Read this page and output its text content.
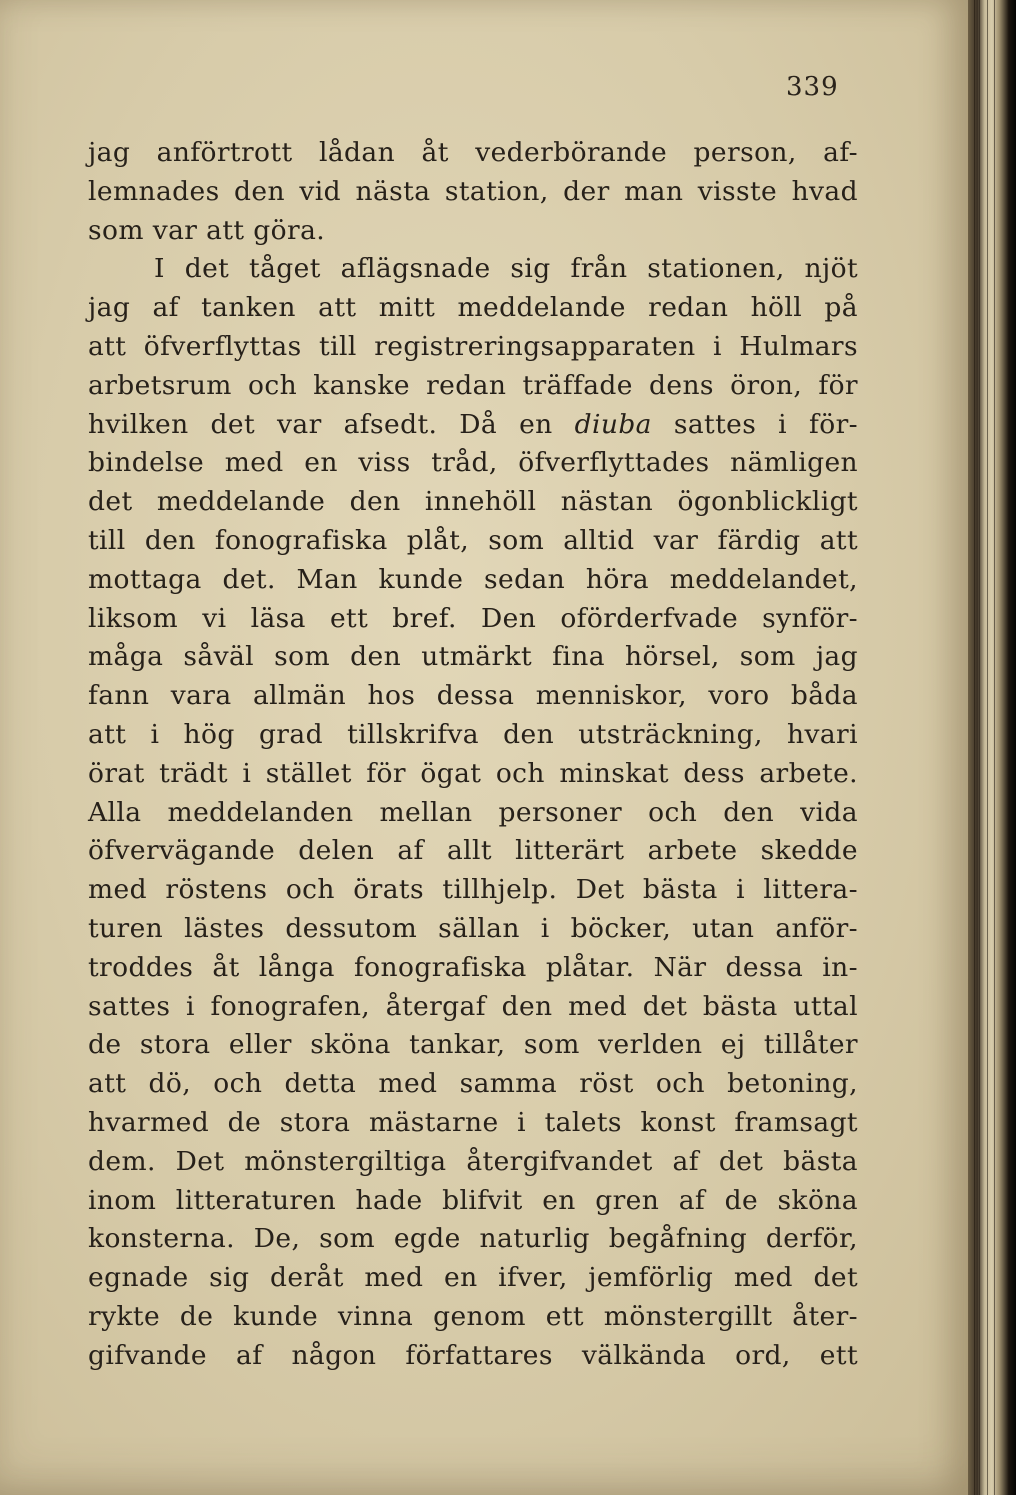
339
jag anförtrott lådan åt vederbörande person, af-
lemnades den vid nästa station, der man visste hvad
som var att göra.
I det tåget aflägsnade sig från stationen, njöt
jag af tanken att mitt meddelande redan höll på
att öfverflyttas till registreringsapparaten i Hulmars
arbetsrum och kanske redan träffade dens öron, för
hvilken det var afsedt. Då en diuba sattes i för-
bindelse med en viss tråd, öfverflyttades nämligen
det meddelande den innehöll nästan ögonblickligt
till den fonografiska plåt, som alltid var färdig att
mottaga det. Man kunde sedan höra meddelandet,
liksom vi läsa ett bref. Den oförderfvade synför-
måga såväl som den utmärkt fina hörsel, som jag
fann vara allmän hos dessa menniskor, voro båda
att i hög grad tillskrifva den utsträckning, hvari
örat trädt i stället för ögat och minskat dess arbete.
Alla meddelanden mellan personer och den vida
öfvervägande delen af allt litterärt arbete skedde
med röstens och örats tillhjelp. Det bästa i littera-
turen lästes dessutom sällan i böcker, utan anför-
troddes åt långa fonografiska plåtar. När dessa in-
sattes i fonografen, återgaf den med det bästa uttal
de stora eller sköna tankar, som verlden ej tillåter
att dö, och detta med samma röst och betoning,
hvarmed de stora mästarne i talets konst framsagt
dem. Det mönstergiltiga återgifvandet af det bästa
inom litteraturen hade blifvit en gren af de sköna
konsterna. De, som egde naturlig begåfning derför,
egnade sig deråt med en ifver, jemförlig med det
rykte de kunde vinna genom ett mönstergillt åter-
gifvande af någon författares välkända ord, ett
